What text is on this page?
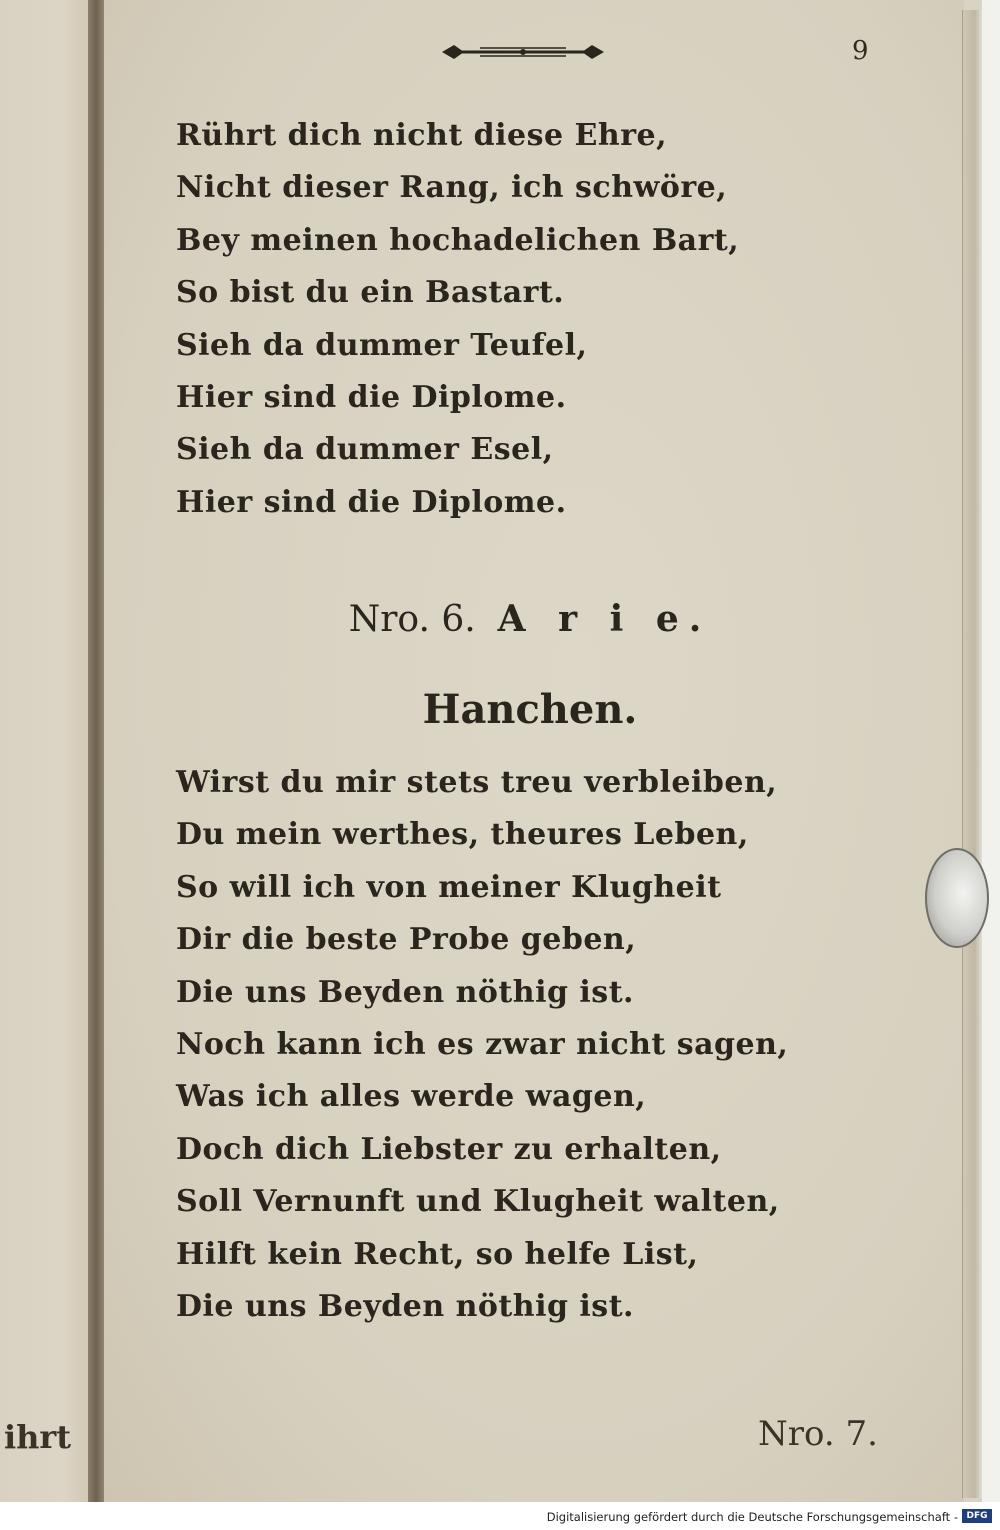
ihrt
9
Rührt dich nicht diese Ehre,
Nicht dieser Rang, ich schwöre,
Bey meinen hochadelichen Bart,
So bist du ein Bastart.
Sieh da dummer Teufel,
Hier sind die Diplome.
Sieh da dummer Esel,
Hier sind die Diplome.
Nro. 6. A r i e.
Hanchen.
Wirst du mir stets treu verbleiben,
Du mein werthes, theures Leben,
So will ich von meiner Klugheit
Dir die beste Probe geben,
Die uns Beyden nöthig ist.
Noch kann ich es zwar nicht sagen,
Was ich alles werde wagen,
Doch dich Liebster zu erhalten,
Soll Vernunft und Klugheit walten,
Hilft kein Recht, so helfe List,
Die uns Beyden nöthig ist.
Nro. 7.
Digitalisierung gefördert durch die Deutsche Forschungsgemeinschaft - DFG
